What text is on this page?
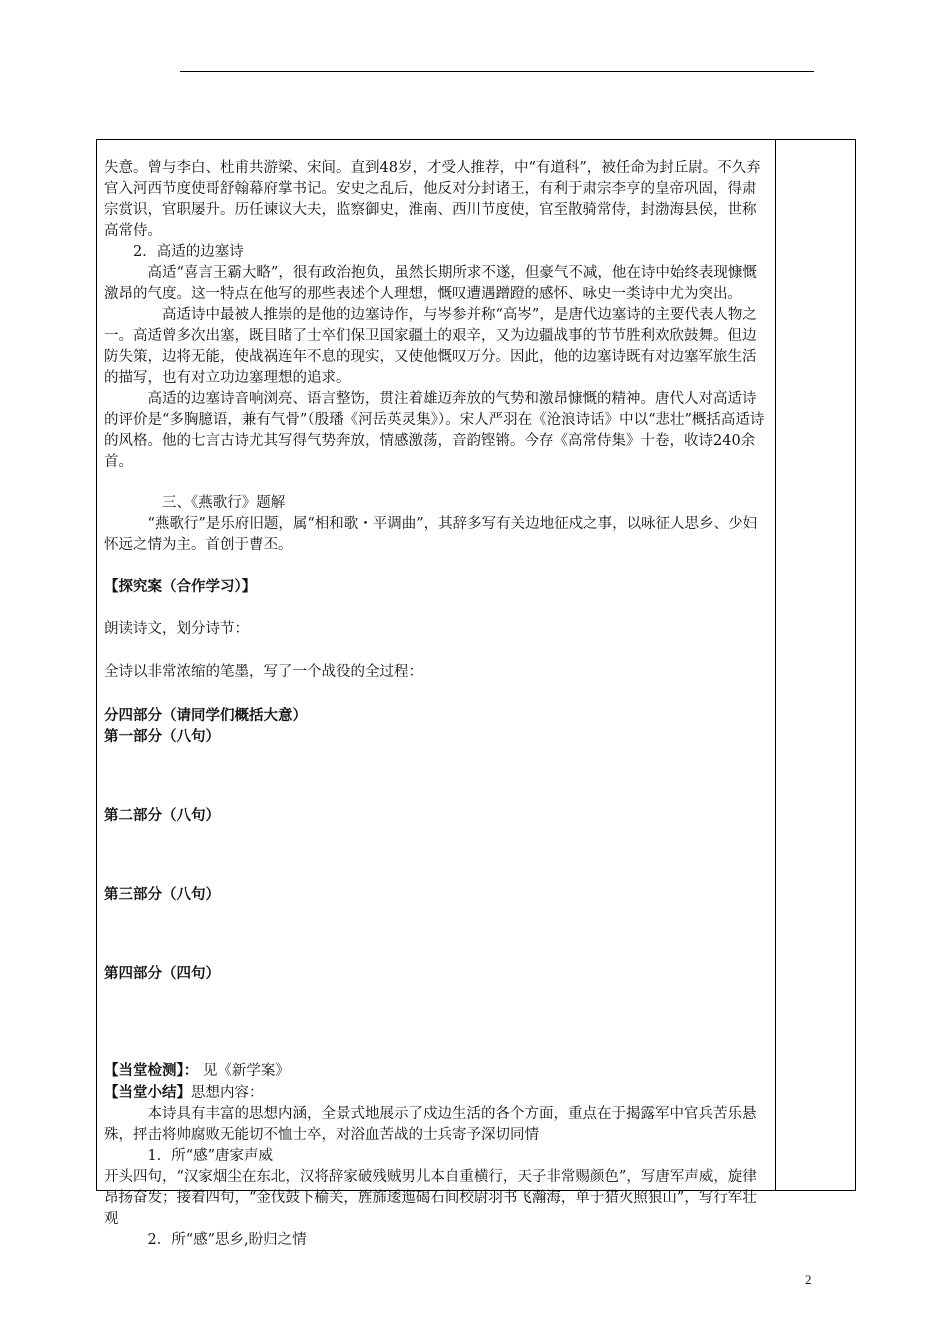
失意。曾与李白、杜甫共游梁、宋间。直到48岁，才受人推荐，中“有道科”，被任命为封丘尉。不久弃官入河西节度使哥舒翰幕府掌书记。安史之乱后，他反对分封诸王，有利于肃宗李亨的皇帝巩固，得肃宗赏识，官职屡升。历任谏议大夫，监察御史，淮南、西川节度使，官至散骑常侍，封渤海县侯，世称高常侍。

2．高适的边塞诗

高适“喜言王霸大略”，很有政治抱负，虽然长期所求不遂，但豪气不减，他在诗中始终表现慷慨激昂的气度。这一特点在他写的那些表述个人理想，慨叹遭遇蹭蹬的感怀、咏史一类诗中尤为突出。

高适诗中最被人推崇的是他的边塞诗作，与岑参并称“高岑”，是唐代边塞诗的主要代表人物之一。高适曾多次出塞，既目睹了士卒们保卫国家疆土的艰辛，又为边疆战事的节节胜利欢欣鼓舞。但边防失策，边将无能，使战祸连年不息的现实，又使他慨叹万分。因此，他的边塞诗既有对边塞军旅生活的描写，也有对立功边塞理想的追求。

高适的边塞诗音响浏亮、语言整饬，贯注着雄迈奔放的气势和激昂慷慨的精神。唐代人对高适诗的评价是“多胸臆语，兼有气骨”（殷璠《河岳英灵集》）。宋人严羽在《沧浪诗话》中以“悲壮”概括高适诗的风格。他的七言古诗尤其写得气势奔放，情感激荡，音韵铿锵。今存《高常侍集》十卷，收诗240余首。

三、《燕歌行》题解

“燕歌行”是乐府旧题，属“相和歌・平调曲”，其辞多写有关边地征戍之事，以咏征人思乡、少妇怀远之情为主。首创于曹丕。

【探究案（合作学习）】

朗读诗文，划分诗节：

全诗以非常浓缩的笔墨，写了一个战役的全过程：

分四部分（请同学们概括大意）

第一部分（八句）

第二部分（八句）

第三部分（八句）

第四部分（四句）

【当堂检测】： 见《新学案》

【当堂小结】思想内容：

本诗具有丰富的思想内涵，全景式地展示了戍边生活的各个方面，重点在于揭露军中官兵苦乐悬殊，抨击将帅腐败无能切不恤士卒，对浴血苦战的士兵寄予深切同情

1．所“感”唐家声威

开头四句，“汉家烟尘在东北，汉将辞家破残贼男儿本自重横行，天子非常赐颜色”，写唐军声威，旋律昂扬奋发；接着四句，“金伐鼓下榆关，旌旆逶迤碣石间校尉羽书飞瀚海，单于猎火照狼山”，写行军壮观

2．所“感”思乡,盼归之情

2
